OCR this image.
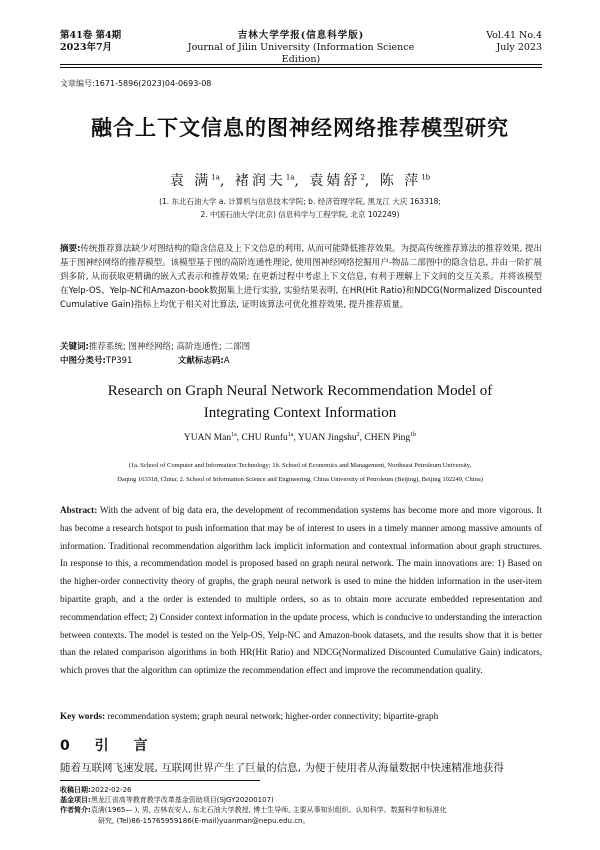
第41卷 第4期
2023年7月
吉林大学学报(信息科学版)
Journal of Jilin University (Information Science Edition)
Vol.41 No.4
July 2023
文章编号:1671-5896(2023)04-0693-08
融合上下文信息的图神经网络推荐模型研究
袁 满$^{1a}$, 褚润夫$^{1a}$, 袁婧舒$^2$, 陈 萍$^{1b}$
(1. 东北石油大学 a. 计算机与信息技术学院; b. 经济管理学院, 黑龙江 大庆 163318;
2. 中国石油大学(北京) 信息科学与工程学院, 北京 102249)
摘要:传统推荐算法缺少对图结构的隐含信息及上下文信息的利用, 从而可能降低推荐效果。为提高传统推荐算法的推荐效果, 提出基于图神经网络的推荐模型。该模型基于图的高阶连通性理论, 使用图神经网络挖掘用户-物品二部图中的隐含信息, 并由一阶扩展到多阶, 从而获取更精确的嵌入式表示和推荐效果; 在更新过程中考虑上下文信息, 有利于理解上下文间的交互关系。并将该模型在Yelp-OS、Yelp-NC和Amazon-book数据集上进行实验, 实验结果表明, 在HR(Hit Ratio)和NDCG(Normalized Discounted Cumulative Gain)指标上均优于相关对比算法, 证明该算法可优化推荐效果, 提升推荐质量。
关键词:推荐系统; 图神经网络; 高阶连通性; 二部图
中图分类号:TP391	文献标志码:A
Research on Graph Neural Network Recommendation Model of
Integrating Context Information
YUAN Man$^{1a}$, CHU Runfu$^{1a}$, YUAN Jingshu$^2$, CHEN Ping$^{1b}$
(1a. School of Computer and Information Technology; 1b. School of Economics and Management, Northeast Petroleum University,
Daqing 163318, China; 2. School of Information Science and Engineering, China University of Petroleum (Beijing), Beijing 102249, China)
Abstract: With the advent of big data era, the development of recommendation systems has become more and more vigorous. It has become a research hotspot to push information that may be of interest to users in a timely manner among massive amounts of information. Traditional recommendation algorithm lack implicit information and contextual information about graph structures. In response to this, a recommendation model is proposed based on graph neural network. The main innovations are: 1) Based on the higher-order connectivity theory of graphs, the graph neural network is used to mine the hidden information in the user-item bipartite graph, and a the order is extended to multiple orders, so as to obtain more accurate embedded representation and recommendation effect; 2) Consider context information in the update process, which is conducive to understanding the interaction between contexts. The model is tested on the Yelp-OS, Yelp-NC and Amazon-book datasets, and the results show that it is better than the related comparison algorithms in both HR(Hit Ratio) and NDCG(Normalized Discounted Cumulative Gain) indicators, which proves that the algorithm can optimize the recommendation effect and improve the recommendation quality.
Key words: recommendation system; graph neural network; higher-order connectivity; bipartite-graph
0 引 言
随着互联网飞速发展, 互联网世界产生了巨量的信息, 为便于使用者从海量数据中快速精准地获得
收稿日期:2022-02-26
基金项目:黑龙江省高等教育教学改革基金资助项目(SJGY20200107)
作者简介:袁满(1965— ), 男, 吉林农安人, 东北石油大学教授, 博士生导师, 主要从事知识组织、认知科学、数据科学和标准化
研究, (Tel)86-15765959186(E-mail)yuanman@nepu.edu.cn。
